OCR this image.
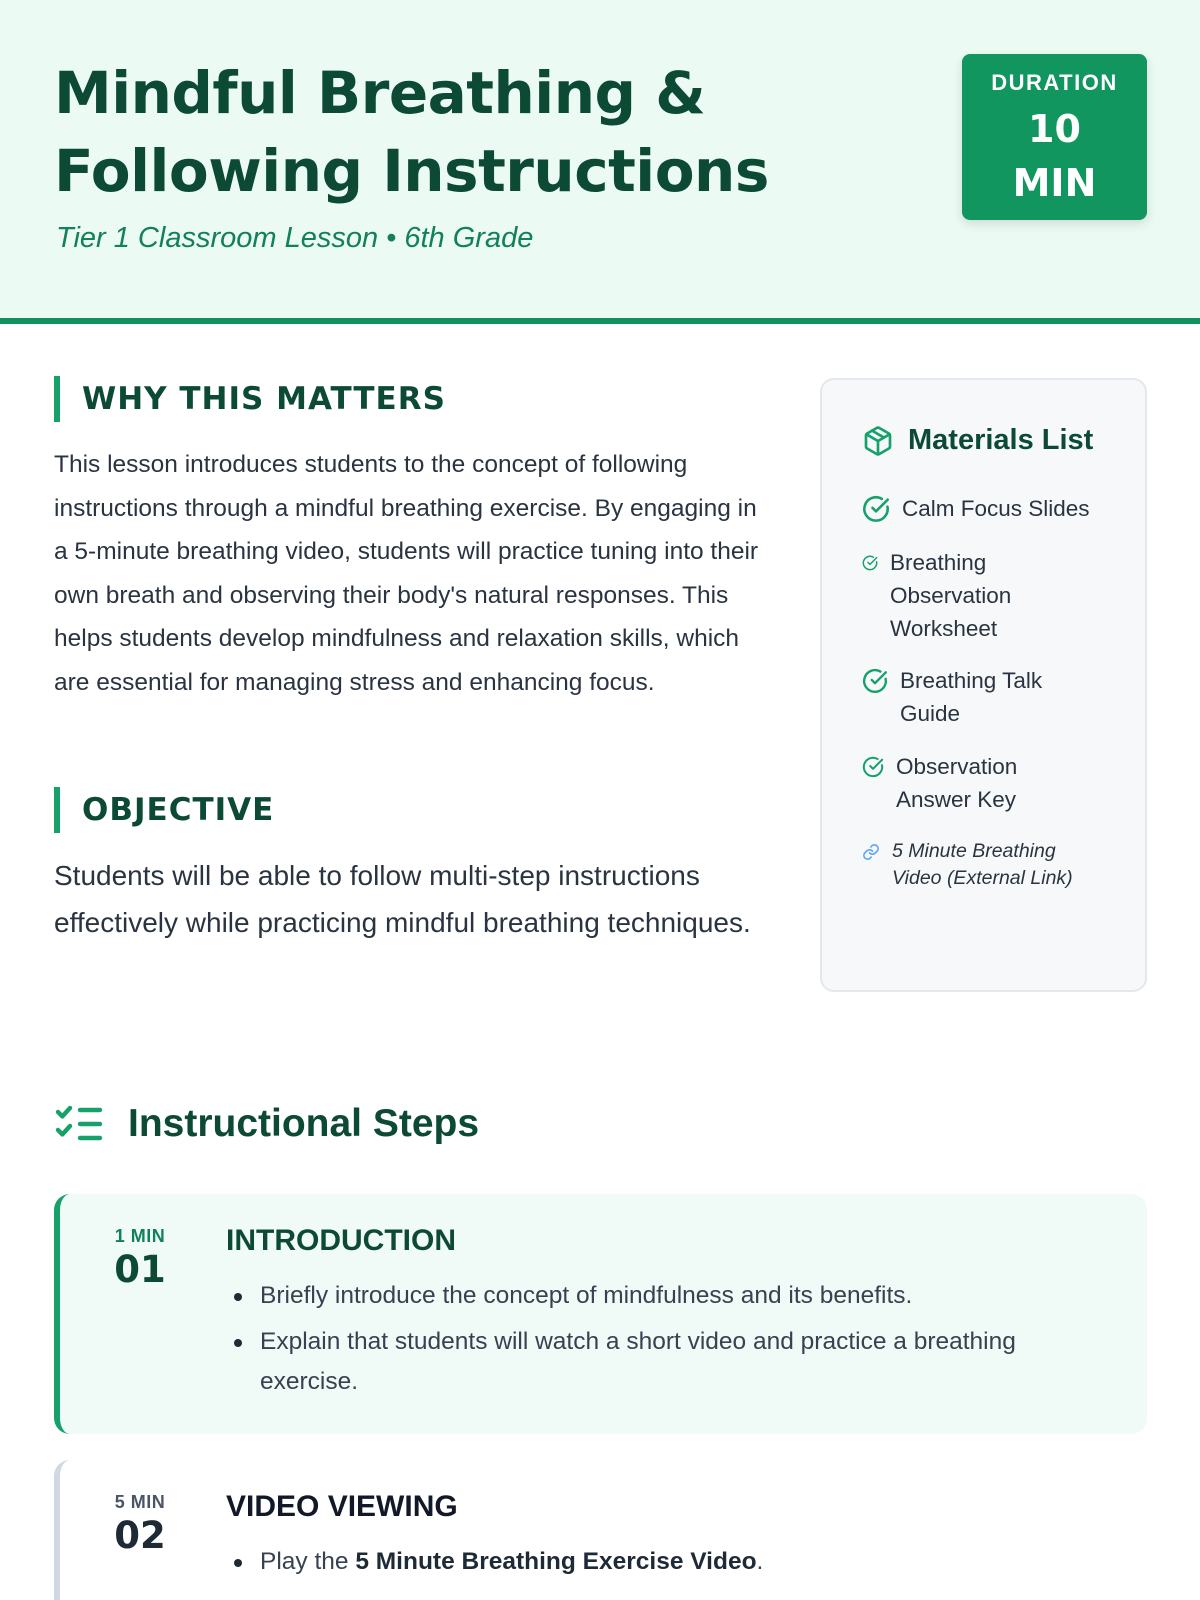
Mindful Breathing & Following Instructions
Tier 1 Classroom Lesson • 6th Grade
DURATION
10
MIN
WHY THIS MATTERS

This lesson introduces students to the concept of following instructions through a mindful breathing exercise. By engaging in a 5-minute breathing video, students will practice tuning into their own breath and observing their body's natural responses. This helps students develop mindfulness and relaxation skills, which are essential for managing stress and enhancing focus.

OBJECTIVE

Students will be able to follow multi-step instructions effectively while practicing mindful breathing techniques.

Materials List
Calm Focus Slides
Breathing Observation Worksheet
Breathing Talk Guide
Observation Answer Key
5 Minute Breathing Video (External Link)
Instructional Steps
1 MIN
01
INTRODUCTION
Briefly introduce the concept of mindfulness and its benefits.
Explain that students will watch a short video and practice a breathing exercise.
5 MIN
02
VIDEO VIEWING
Play the 5 Minute Breathing Exercise Video.
